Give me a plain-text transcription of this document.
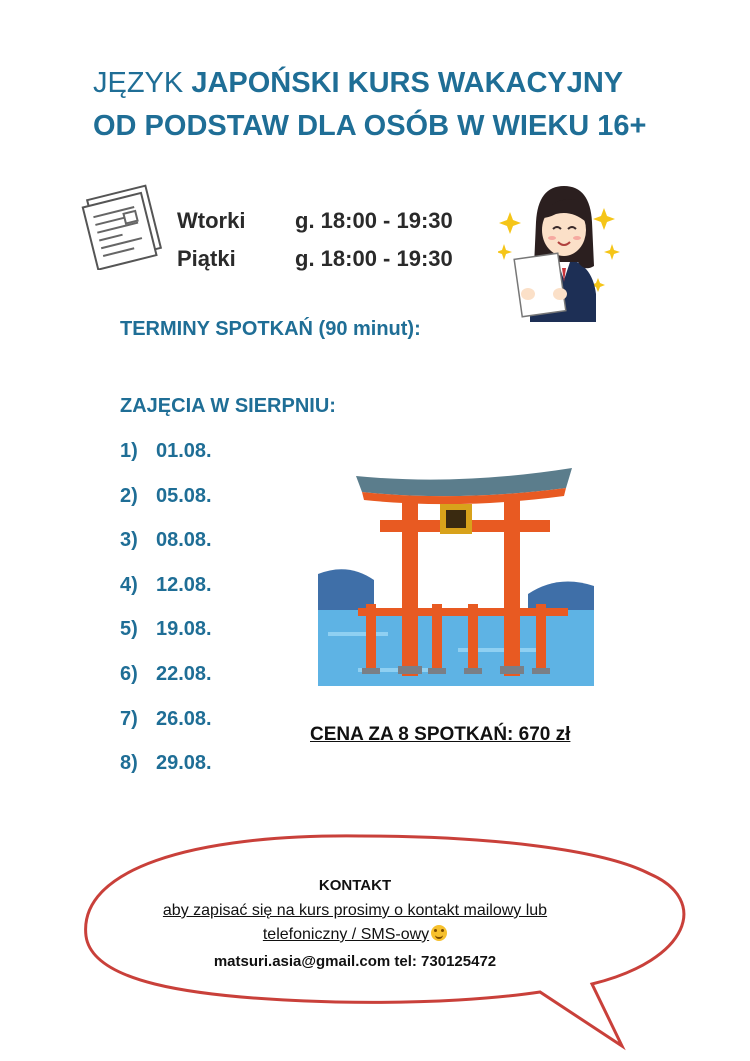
JĘZYK JAPOŃSKI KURS WAKACYJNY
OD PODSTAW DLA OSÓB W WIEKU 16+
Wtorki	g. 18:00 - 19:30
Piątki	g. 18:00 - 19:30
TERMINY SPOTKAŃ (90 minut):
ZAJĘCIA W SIERPNIU:
1) 01.08.
2) 05.08.
3) 08.08.
4) 12.08.
5) 19.08.
6) 22.08.
7) 26.08.
8) 29.08.
CENA ZA 8 SPOTKAŃ: 670 zł
KONTAKT
aby zapisać się na kurs prosimy o kontakt mailowy lub
telefoniczny / SMS-owy
matsuri.asia@gmail.com tel: 730125472
